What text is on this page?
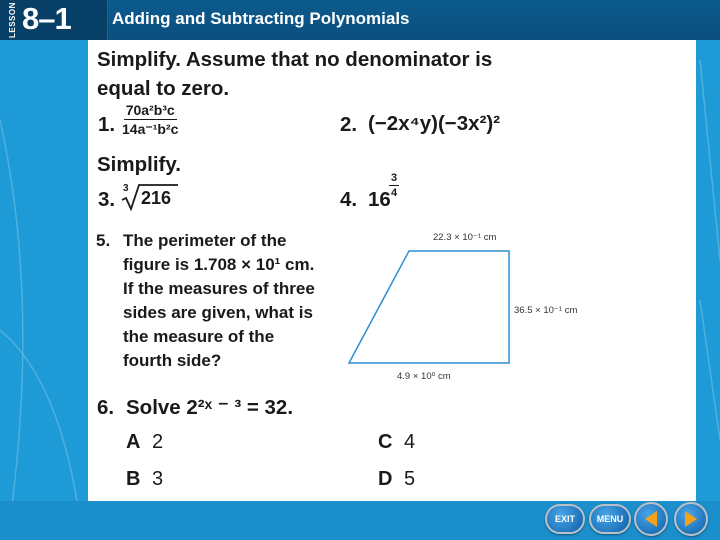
LESSON 8–1 Adding and Subtracting Polynomials
Simplify. Assume that no denominator is
equal to zero.
1. $\frac{\text{70a²b³c}}{\text{14a⁻¹b²c}}$	2. (−2x⁴y)(−3x²)²
Simplify.
3. 3 216	4. 16
$\frac{3}{4}$
5. The perimeter of the
figure is 1.708 × 10¹ cm.
If the measures of three
sides are given, what is
the measure of the
fourth side?
22.3 × 10⁻¹ cm
36.5 × 10⁻¹ cm
4.9 × 10⁰ cm
6. Solve 2²ˣ ⁻ ³ = 32.
A 2
B 3
C 4
D 5
EXIT	MENU
